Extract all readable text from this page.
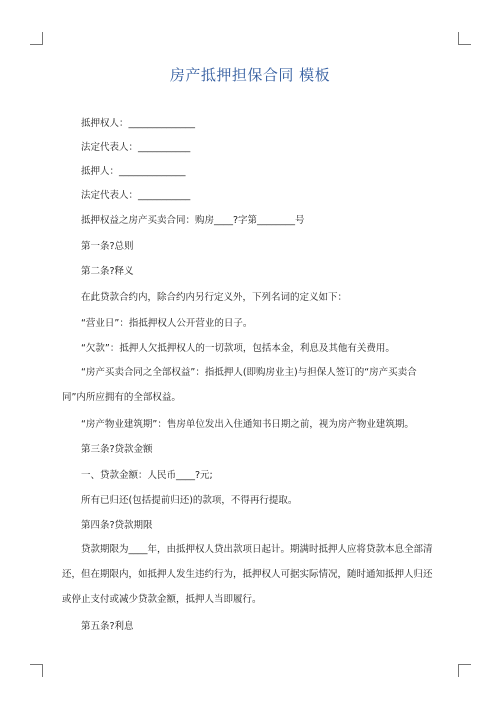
房产抵押担保合同 模板
抵押权人：______________
法定代表人：___________
抵押人：______________
法定代表人：___________
抵押权益之房产买卖合同：购房____?字第________号
第一条?总则
第二条?释义
在此贷款合约内，除合约内另行定义外，下列名词的定义如下：
“营业日”：指抵押权人公开营业的日子。
“欠款”：抵押人欠抵押权人的一切款项，包括本金，利息及其他有关费用。
“房产买卖合同之全部权益”：指抵押人(即购房业主)与担保人签订的“房产买卖合同”内所应拥有的全部权益。
“房产物业建筑期”：售房单位发出入住通知书日期之前，视为房产物业建筑期。
第三条?贷款金额
一、贷款金额：人民币____?元;
所有已归还(包括提前归还)的款项，不得再行提取。
第四条?贷款期限
贷款期限为____年，由抵押权人贷出款项日起计。期满时抵押人应将贷款本息全部清还，但在期限内，如抵押人发生违约行为，抵押权人可据实际情况，随时通知抵押人归还或停止支付或减少贷款金额，抵押人当即履行。
第五条?利息
